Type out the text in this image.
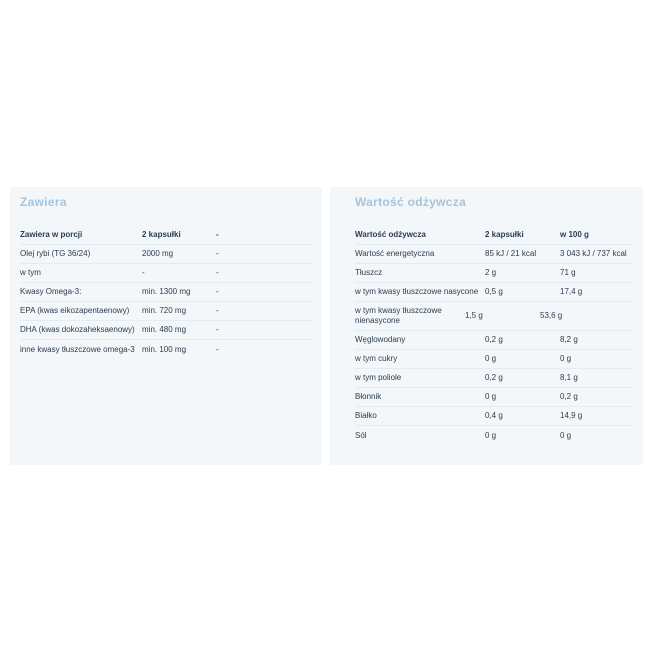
Zawiera
Zawiera w porcji	2 kapsułki	-
Olej rybi (TG 36/24)	2000 mg	-
w tym	-	-
Kwasy Omega-3:	min. 1300 mg	-
EPA (kwas eikozapentaenowy)	min. 720 mg	-
DHA (kwas dokozaheksaenowy) min. 480 mg	-
inne kwasy tłuszczowe omega-3 min. 100 mg	-
Wartość odżywcza
Wartość odżywcza	2 kapsułki	w 100 g
Wartość energetyczna	85 kJ / 21 kcal	3 043 kJ / 737 kcal
Tłuszcz	2 g	71 g
w tym kwasy tłuszczowe nasycone 0,5 g	17,4 g
w tym kwasy tłuszczowe nienasycone
1,5 g	53,6 g
Węglowodany	0,2 g	8,2 g
w tym cukry	0 g	0 g
w tym poliole	0,2 g	8,1 g
Błonnik	0 g	0,2 g
Białko	0,4 g	14,9 g
Sól	0 g	0 g
